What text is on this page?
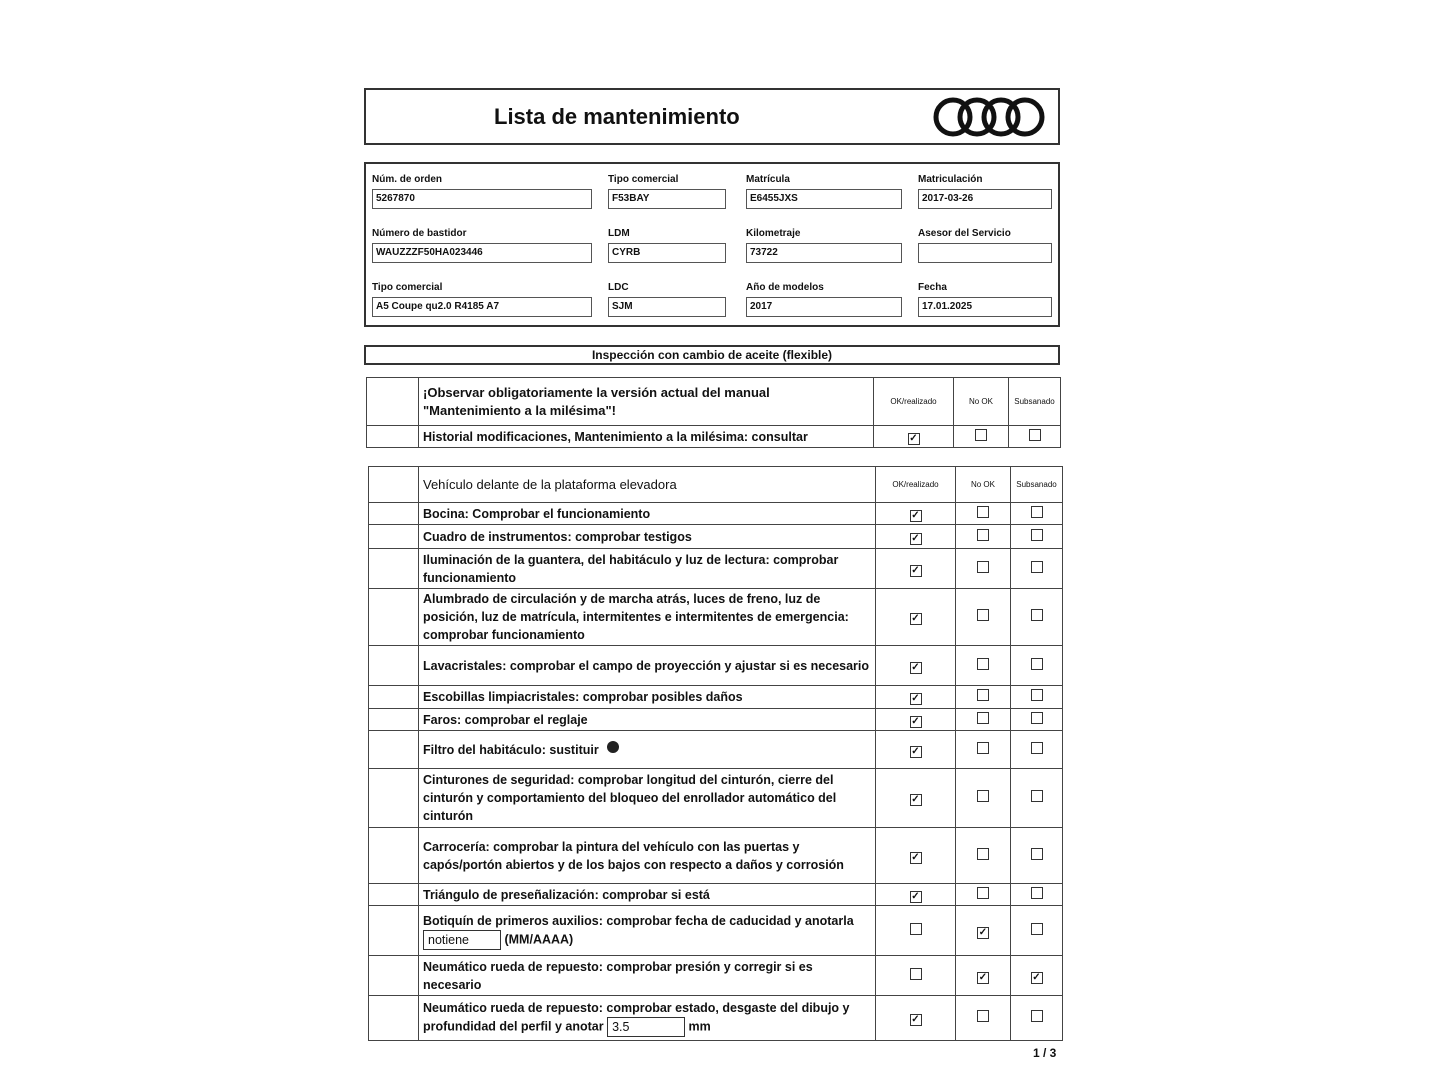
Lista de mantenimiento
Núm. de orden
5267870
Tipo comercial
F53BAY
Matrícula
E6455JXS
Matriculación
2017-03-26
Número de bastidor
WAUZZZF50HA023446
LDM
CYRB
Kilometraje
73722
Asesor del Servicio
Tipo comercial
A5 Coupe qu2.0 R4185 A7
LDC
SJM
Año de modelos
2017
Fecha
17.01.2025
Inspección con cambio de aceite (flexible)
	¡Observar obligatoriamente la versión actual del manual "Mantenimiento a la milésima"!	OK/realizado	No OK	Subsanado
	Historial modificaciones, Mantenimiento a la milésima: consultar	✓		
	Vehículo delante de la plataforma elevadora	OK/realizado	No OK	Subsanado
	Bocina: Comprobar el funcionamiento	✓		
	Cuadro de instrumentos: comprobar testigos	✓		
	Iluminación de la guantera, del habitáculo y luz de lectura: comprobar funcionamiento	✓		
	Alumbrado de circulación y de marcha atrás, luces de freno, luz de posición, luz de matrícula, intermitentes e intermitentes de emergencia: comprobar funcionamiento	✓		
	Lavacristales: comprobar el campo de proyección y ajustar si es necesario	✓		
	Escobillas limpiacristales: comprobar posibles daños	✓		
	Faros: comprobar el reglaje	✓		
	Filtro del habitáculo: sustituir	✓		
	Cinturones de seguridad: comprobar longitud del cinturón, cierre del cinturón y comportamiento del bloqueo del enrollador automático del cinturón	✓		
	Carrocería: comprobar la pintura del vehículo con las puertas y capós/portón abiertos y de los bajos con respecto a daños y corrosión	✓		
	Triángulo de preseñalización: comprobar si está	✓		
	Botiquín de primeros auxilios: comprobar fecha de caducidad y anotarla notiene (MM/AAAA)		✓	
	Neumático rueda de repuesto: comprobar presión y corregir si es necesario		✓	✓
	Neumático rueda de repuesto: comprobar estado, desgaste del dibujo y profundidad del perfil y anotar 3.5 mm	✓		
1 / 3
